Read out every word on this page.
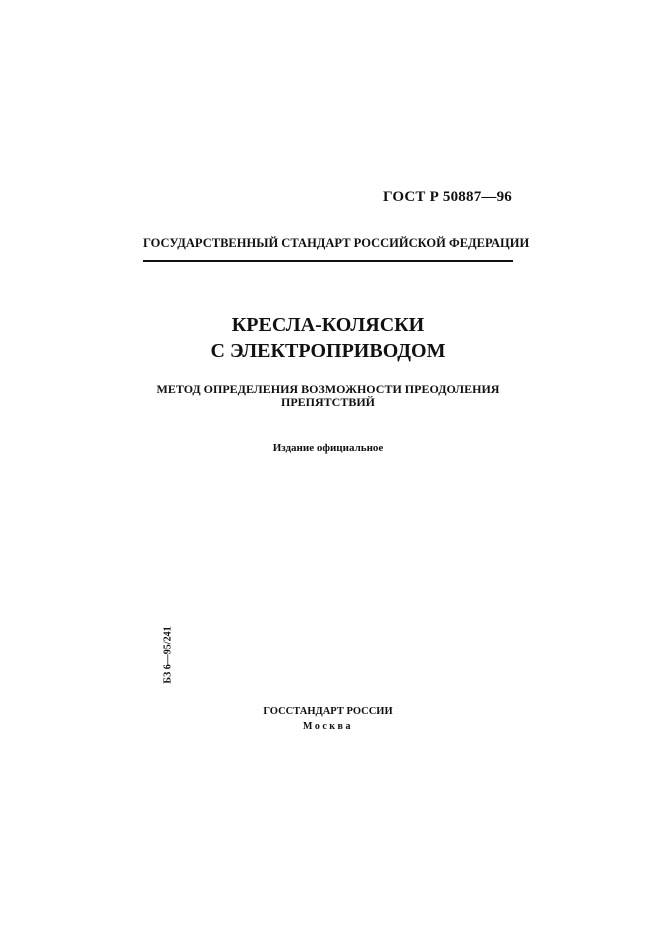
ГОСТ Р 50887—96
ГОСУДАРСТВЕННЫЙ СТАНДАРТ РОССИЙСКОЙ ФЕДЕРАЦИИ
КРЕСЛА-КОЛЯСКИ
С ЭЛЕКТРОПРИВОДОМ
МЕТОД ОПРЕДЕЛЕНИЯ ВОЗМОЖНОСТИ ПРЕОДОЛЕНИЯ
ПРЕПЯТСТВИЙ
Издание официальное
БЗ 6—95/241
ГОССТАНДАРТ РОССИИ
Москва
